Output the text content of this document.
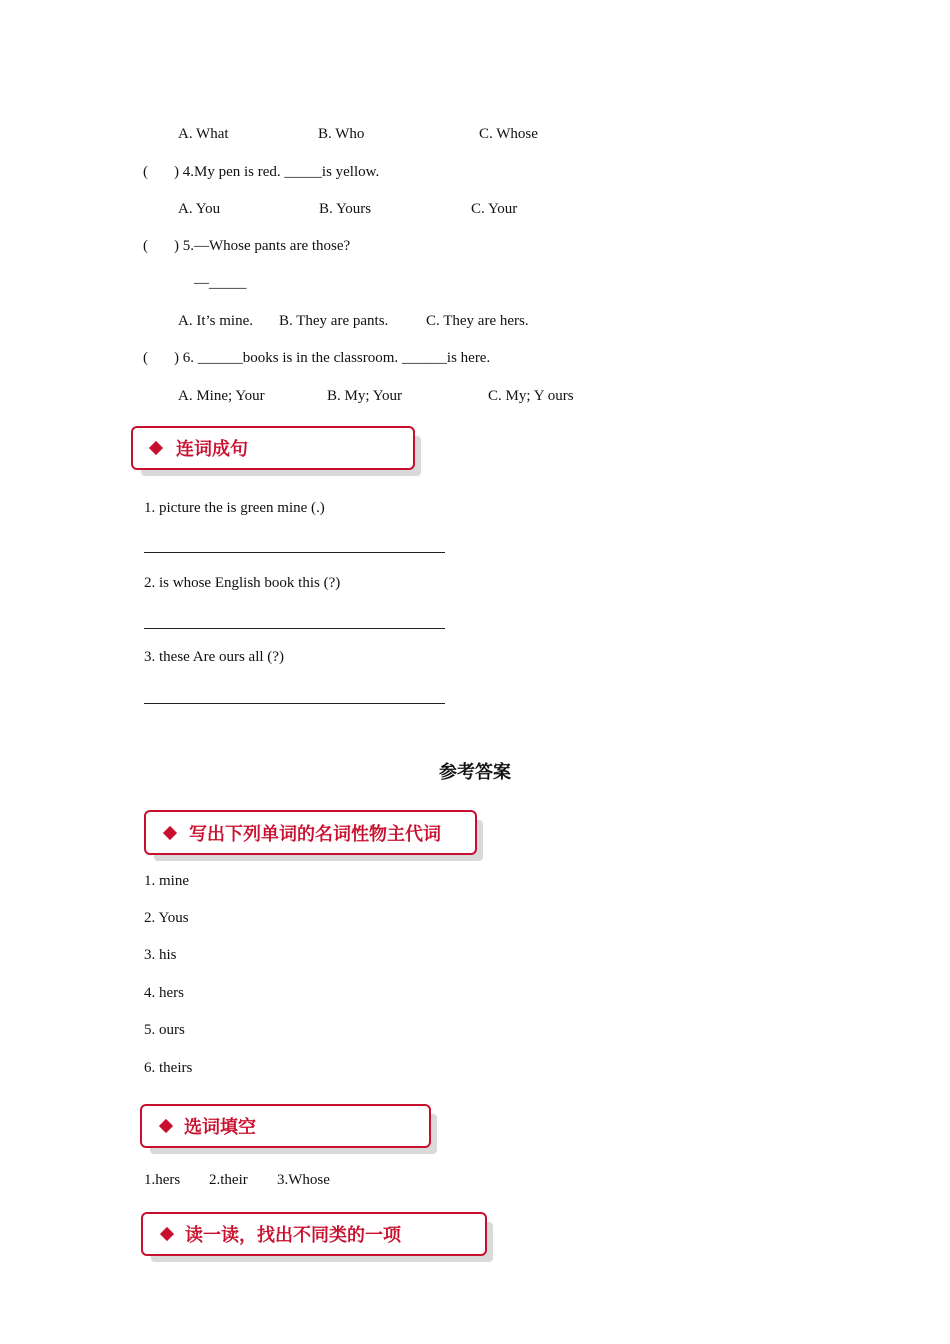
A. What	B. Who	C. Whose
( ) 4.My pen is red. _____is yellow.
A. You	B. Yours	C. Your
( ) 5.—Whose pants are those?
—_____
A. It’s mine. B. They are pants.	C. They are hers.
( ) 6. ______books is in the classroom. ______is here.
A. Mine; Your	B. My; Your	C. My; Y ours
连词成句
1. picture the is green mine (.)
2. is whose English book this (?)
3. these Are ours all (?)
参考答案
写出下列单词的名词性物主代词
1. mine
2. Yous
3. his
4. hers
5. ours
6. theirs
选词填空
1.hers 2.their 3.Whose
读一读，找出不同类的一项
